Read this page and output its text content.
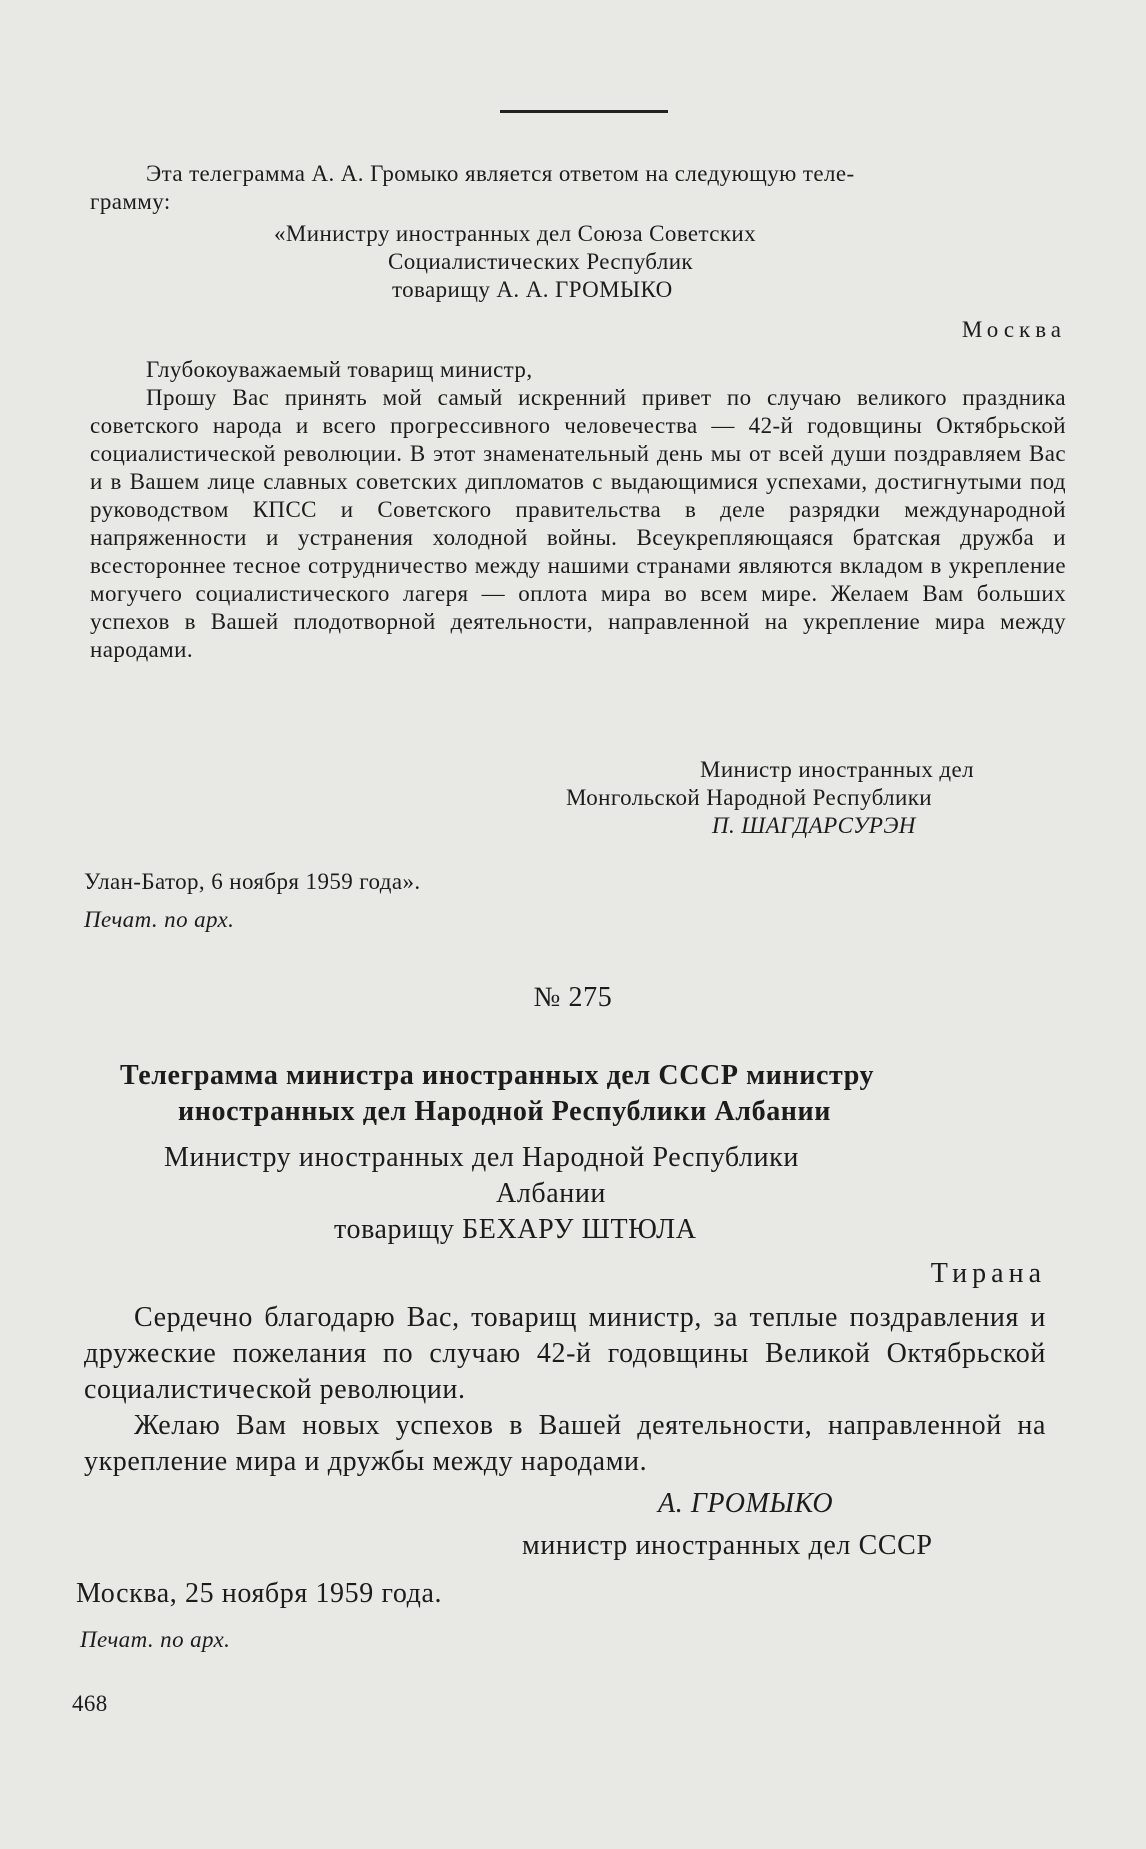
Эта телеграмма А. А. Громыко является ответом на следующую теле-
грамму:
«Министру иностранных дел Союза Советских
Социалистических Республик
товарищу А. А. ГРОМЫКО
Москва
Глубокоуважаемый товарищ министр,
Прошу Вас принять мой самый искренний привет по случаю великого праздника советского народа и всего прогрессивного человечества — 42-й годовщины Октябрьской социалистической революции. В этот знаменательный день мы от всей души поздравляем Вас и в Вашем лице славных советских дипломатов с выдающимися успехами, достигнутыми под руководством КПСС и Советского правительства в деле разрядки международной напряженности и устранения холодной войны. Всеукрепляющаяся братская дружба и всестороннее тесное сотрудничество между нашими странами являются вкладом в укрепление могучего социалистического лагеря — оплота мира во всем мире. Желаем Вам больших успехов в Вашей плодотворной деятельности, направленной на укрепление мира между народами.
Министр иностранных дел
Монгольской Народной Республики
П. ШАГДАРСУРЭН
Улан-Батор, 6 ноября 1959 года».
Печат. по арх.
№ 275
Телеграмма министра иностранных дел СССР министру
иностранных дел Народной Республики Албании
Министру иностранных дел Народной Республики
Албании
товарищу БЕХАРУ ШТЮЛА
Тирана
Сердечно благодарю Вас, товарищ министр, за теплые поздравления и дружеские пожелания по случаю 42-й годовщины Великой Октябрьской социалистической революции.
Желаю Вам новых успехов в Вашей деятельности, направленной на укрепление мира и дружбы между народами.
А. ГРОМЫКО
министр иностранных дел СССР
Москва, 25 ноября 1959 года.
Печат. по арх.
468
